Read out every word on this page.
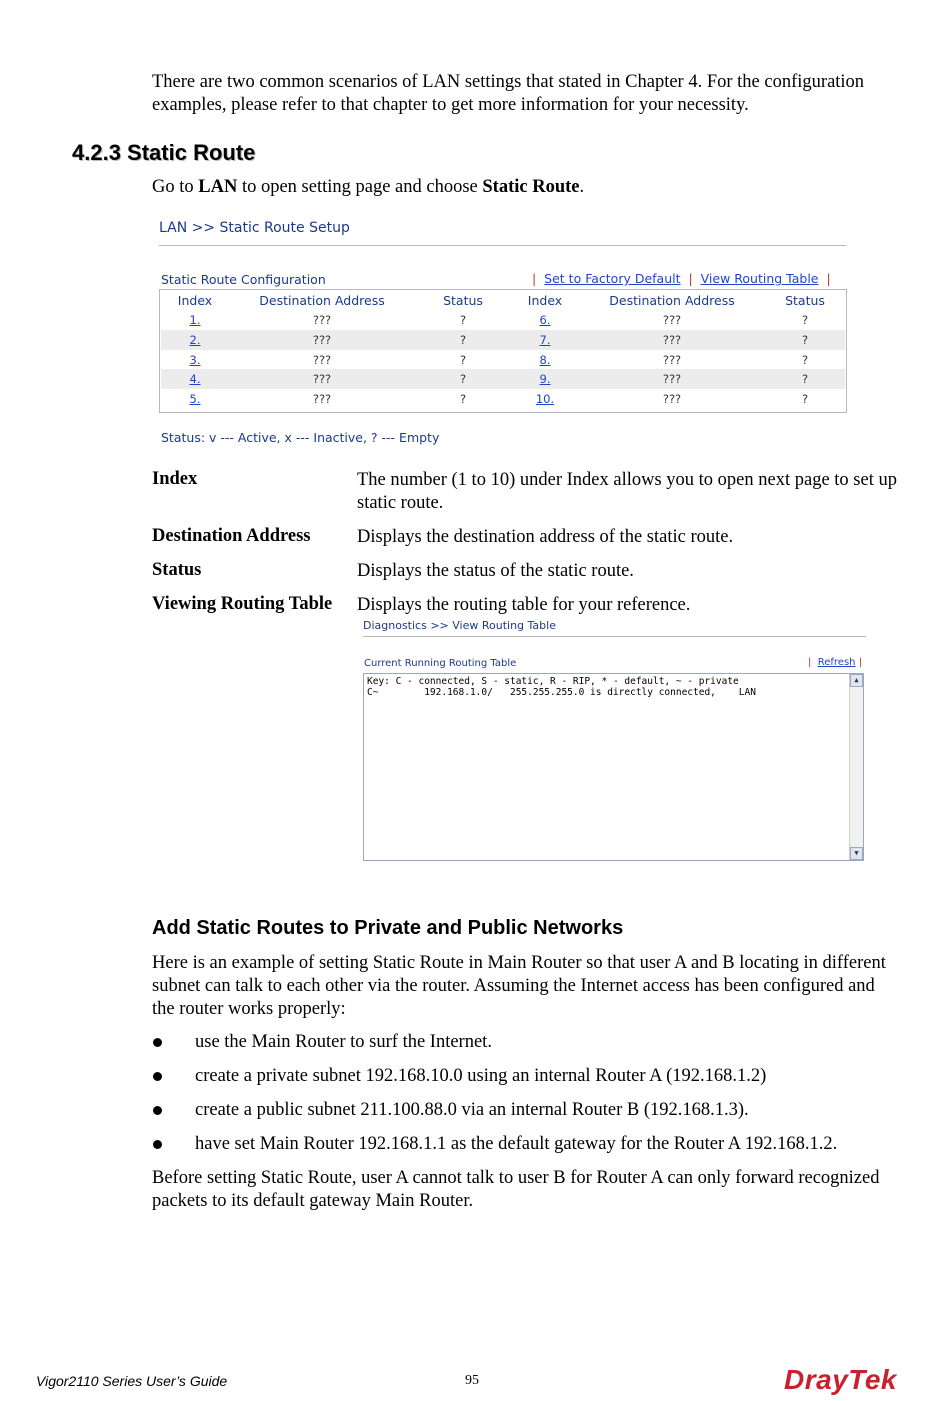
There are two common scenarios of LAN settings that stated in Chapter 4. For the configuration examples, please refer to that chapter to get more information for your necessity.

4.2.3 Static Route

Go to LAN to open setting page and choose Static Route.

LAN >> Static Route Setup
Static Route Configuration	| Set to Factory Default | View Routing Table |
Index	Destination Address	Status	Index	Destination Address	Status
1.	???	?	6.	???	?
2.	???	?	7.	???	?
3.	???	?	8.	???	?
4.	???	?	9.	???	?
5.	???	?	10.	???	?
Status: v --- Active, x --- Inactive, ? --- Empty
Index	The number (1 to 10) under Index allows you to open next page to set up static route.

Destination Address	Displays the destination address of the static route.

Status	Displays the status of the static route.

Viewing Routing Table Displays the routing table for your reference.

Diagnostics >> View Routing Table
Current Running Routing Table	| Refresh |
Key: C - connected, S - static, R - RIP, * - default, ~ - private
C~        192.168.1.0/   255.255.255.0 is directly connected,    LAN
▲
▼
Add Static Routes to Private and Public Networks

Here is an example of setting Static Route in Main Router so that user A and B locating in different subnet can talk to each other via the router. Assuming the Internet access has been configured and the router works properly:

use the Main Router to surf the Internet.

create a private subnet 192.168.10.0 using an internal Router A (192.168.1.2)

create a public subnet 211.100.88.0 via an internal Router B (192.168.1.3).

have set Main Router 192.168.1.1 as the default gateway for the Router A 192.168.1.2.

Before setting Static Route, user A cannot talk to user B for Router A can only forward recognized packets to its default gateway Main Router.

Vigor2110 Series User’s Guide	95	DrayTek
